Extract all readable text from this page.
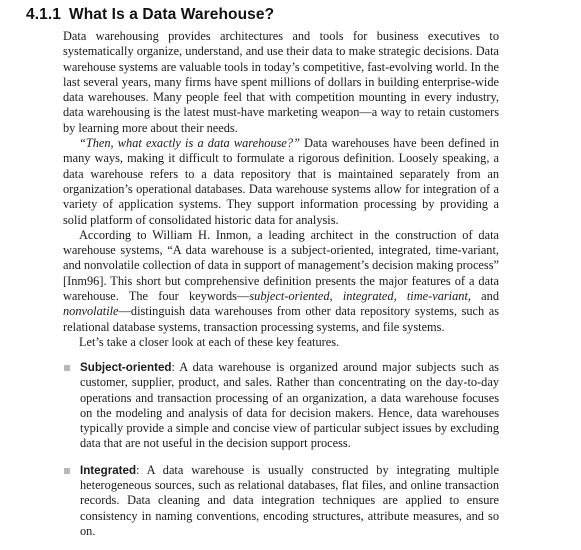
4.1.1 What Is a Data Warehouse?

Data warehousing provides architectures and tools for business executives to systematically organize, understand, and use their data to make strategic decisions. Data warehouse systems are valuable tools in today’s competitive, fast-evolving world. In the last several years, many firms have spent millions of dollars in building enterprise-wide data warehouses. Many people feel that with competition mounting in every industry, data warehousing is the latest must-have marketing weapon—a way to retain customers by learning more about their needs.

“Then, what exactly is a data warehouse?” Data warehouses have been defined in many ways, making it difficult to formulate a rigorous definition. Loosely speaking, a data warehouse refers to a data repository that is maintained separately from an organization’s operational databases. Data warehouse systems allow for integration of a variety of application systems. They support information processing by providing a solid platform of consolidated historic data for analysis.

According to William H. Inmon, a leading architect in the construction of data warehouse systems, “A data warehouse is a subject-oriented, integrated, time-variant, and nonvolatile collection of data in support of management’s decision making process” [Inm96]. This short but comprehensive definition presents the major features of a data warehouse. The four keywords—subject-oriented, integrated, time-variant, and nonvolatile—distinguish data warehouses from other data repository systems, such as relational database systems, transaction processing systems, and file systems.

Let’s take a closer look at each of these key features.

Subject-oriented: A data warehouse is organized around major subjects such as customer, supplier, product, and sales. Rather than concentrating on the day-to-day operations and transaction processing of an organization, a data warehouse focuses on the modeling and analysis of data for decision makers. Hence, data warehouses typically provide a simple and concise view of particular subject issues by excluding data that are not useful in the decision support process.
Integrated: A data warehouse is usually constructed by integrating multiple heterogeneous sources, such as relational databases, flat files, and online transaction records. Data cleaning and data integration techniques are applied to ensure consistency in naming conventions, encoding structures, attribute measures, and so on.
